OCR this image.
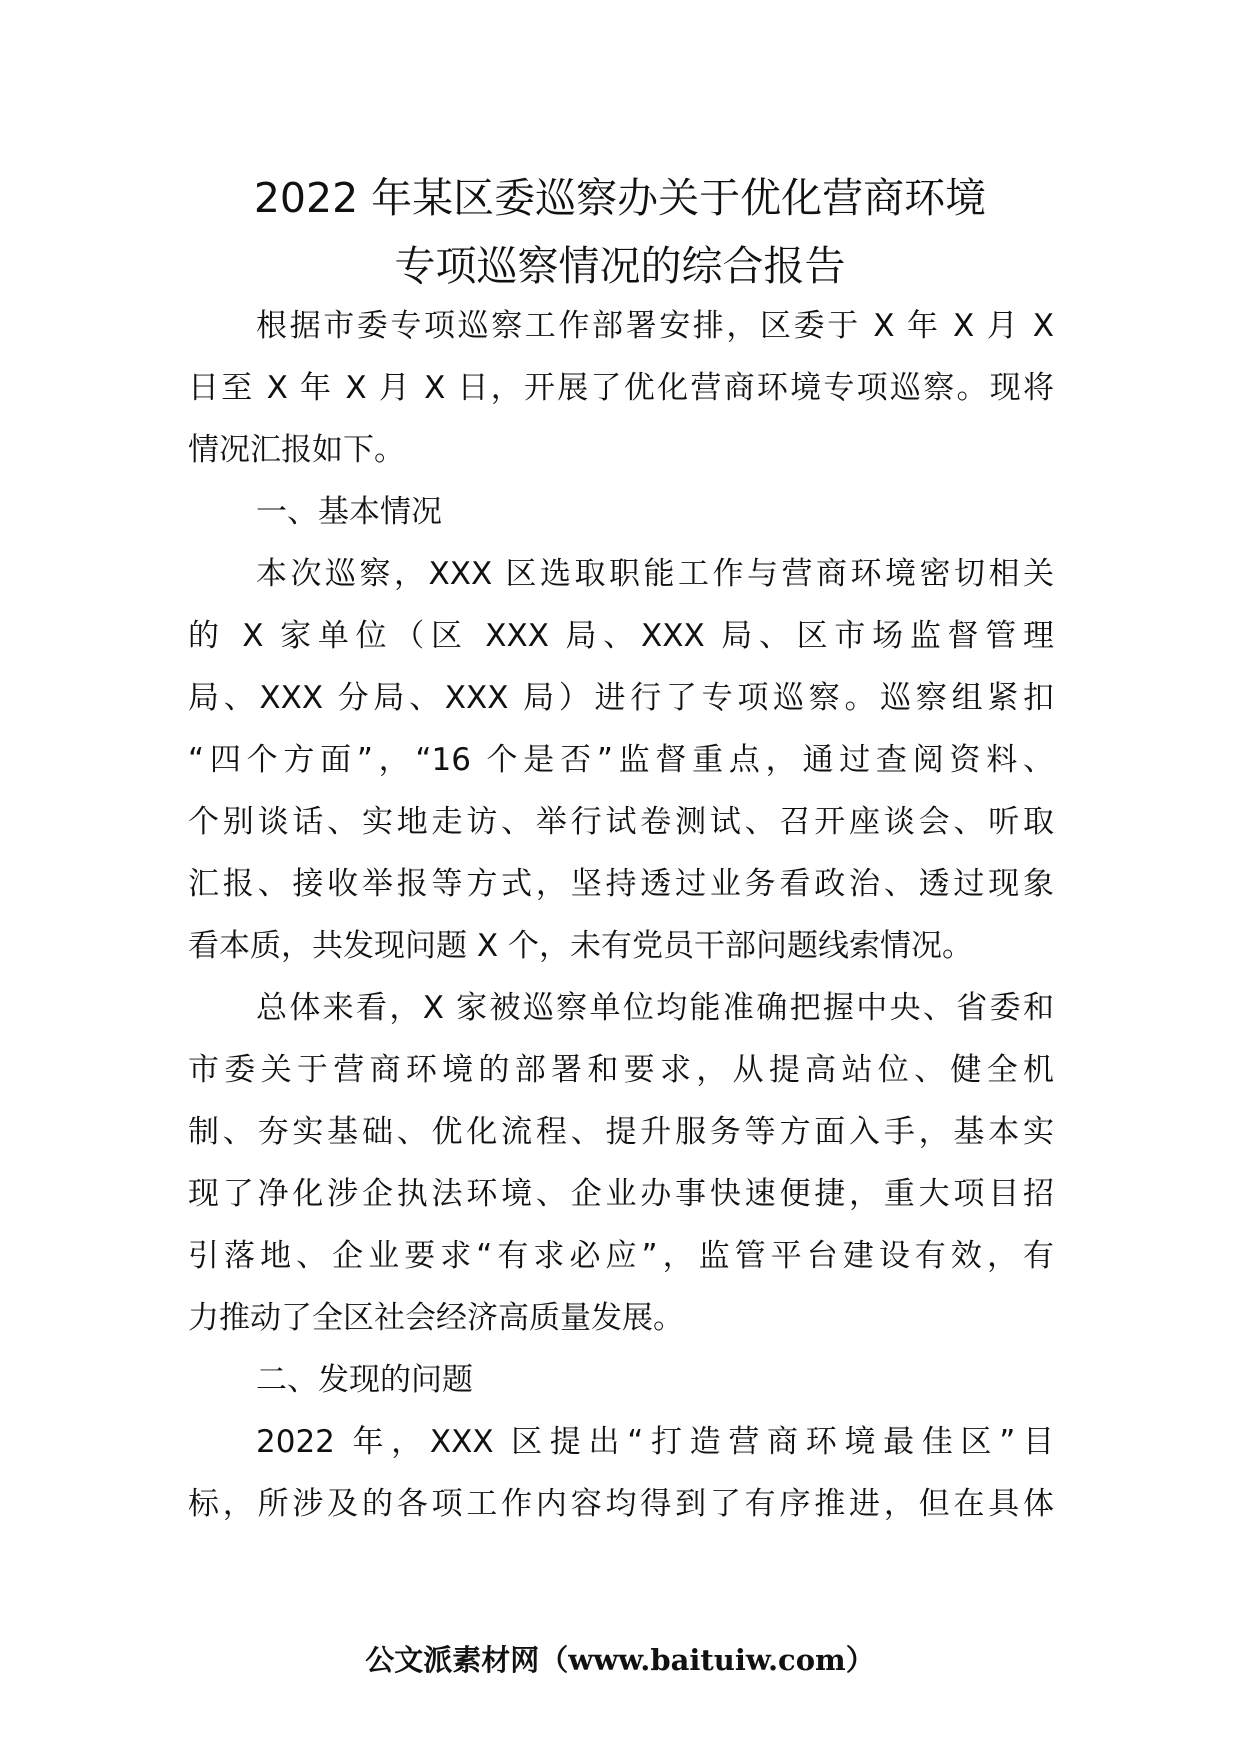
2022 年某区委巡察办关于优化营商环境
专项巡察情况的综合报告
根据市委专项巡察工作部署安排，区委于 X 年 X 月 X
日至 X 年 X 月 X 日，开展了优化营商环境专项巡察。现将
情况汇报如下。
一、基本情况
本次巡察，XXX 区选取职能工作与营商环境密切相关
的 X 家单位（区 XXX 局、XXX 局、区市场监督管理
局、XXX 分局、XXX 局）进行了专项巡察。巡察组紧扣
“四个方面”，“16 个是否”监督重点，通过查阅资料、
个别谈话、实地走访、举行试卷测试、召开座谈会、听取
汇报、接收举报等方式，坚持透过业务看政治、透过现象
看本质，共发现问题 X 个，未有党员干部问题线索情况。
总体来看，X 家被巡察单位均能准确把握中央、省委和
市委关于营商环境的部署和要求，从提高站位、健全机
制、夯实基础、优化流程、提升服务等方面入手，基本实
现了净化涉企执法环境、企业办事快速便捷，重大项目招
引落地、企业要求“有求必应”，监管平台建设有效，有
力推动了全区社会经济高质量发展。
二、发现的问题
2022 年，XXX 区提出“打造营商环境最佳区”目
标，所涉及的各项工作内容均得到了有序推进，但在具体
公文派素材网（www.baituiw.com）
